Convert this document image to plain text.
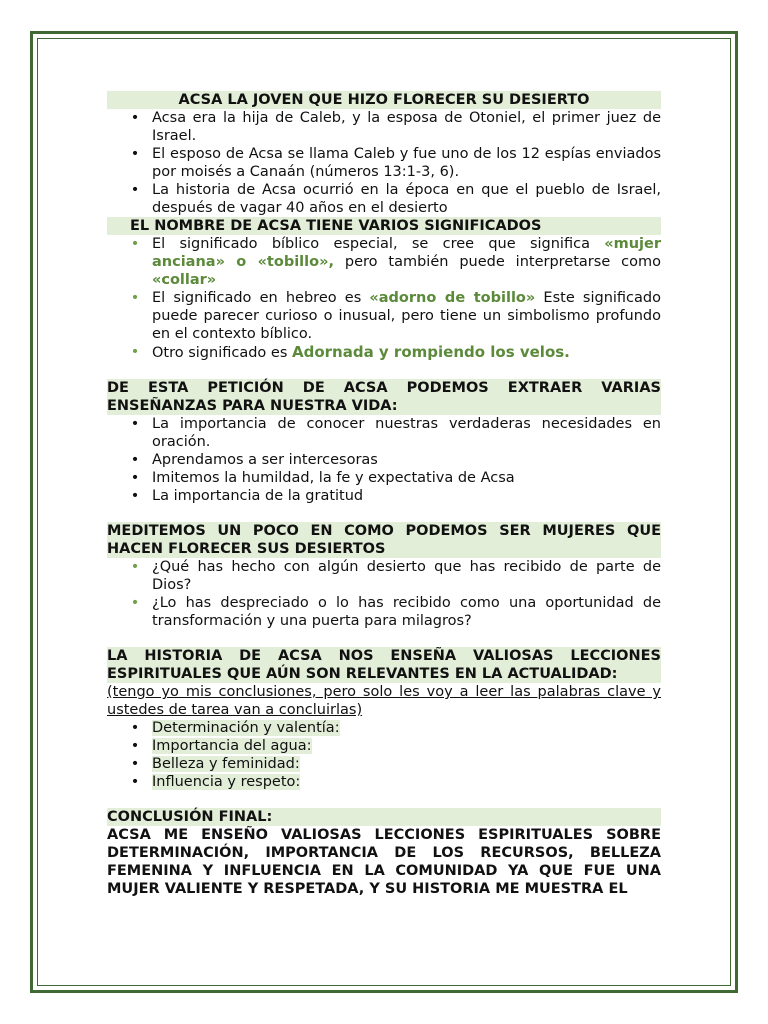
ACSA LA JOVEN QUE HIZO FLORECER SU DESIERTO
• Acsa era la hija de Caleb, y la esposa de Otoniel, el primer juez de Israel.
• El esposo de Acsa se llama Caleb y fue uno de los 12 espías enviados por moisés a Canaán (números 13:1-3, 6).
• La historia de Acsa ocurrió en la época en que el pueblo de Israel, después de vagar 40 años en el desierto
EL NOMBRE DE ACSA TIENE VARIOS SIGNIFICADOS
• El significado bíblico especial, se cree que significa «mujer anciana» o «tobillo», pero también puede interpretarse como «collar»
• El significado en hebreo es «adorno de tobillo» Este significado puede parecer curioso o inusual, pero tiene un simbolismo profundo en el contexto bíblico.
• Otro significado es Adornada y rompiendo los velos.
DE ESTA PETICIÓN DE ACSA PODEMOS EXTRAER VARIAS ENSEÑANZAS PARA NUESTRA VIDA:
• La importancia de conocer nuestras verdaderas necesidades en oración.
• Aprendamos a ser intercesoras
• Imitemos la humildad, la fe y expectativa de Acsa
• La importancia de la gratitud
MEDITEMOS UN POCO EN COMO PODEMOS SER MUJERES QUE HACEN FLORECER SUS DESIERTOS
• ¿Qué has hecho con algún desierto que has recibido de parte de Dios?
• ¿Lo has despreciado o lo has recibido como una oportunidad de transformación y una puerta para milagros?
LA HISTORIA DE ACSA NOS ENSEÑA VALIOSAS LECCIONES ESPIRITUALES QUE AÚN SON RELEVANTES EN LA ACTUALIDAD:
(tengo yo mis conclusiones, pero solo les voy a leer las palabras clave y ustedes de tarea van a concluirlas)
• Determinación y valentía:
• Importancia del agua:
• Belleza y feminidad:
• Influencia y respeto:
CONCLUSIÓN FINAL:
ACSA ME ENSEÑO VALIOSAS LECCIONES ESPIRITUALES SOBRE DETERMINACIÓN, IMPORTANCIA DE LOS RECURSOS, BELLEZA FEMENINA Y INFLUENCIA EN LA COMUNIDAD YA QUE FUE UNA MUJER VALIENTE Y RESPETADA, Y SU HISTORIA ME MUESTRA EL
